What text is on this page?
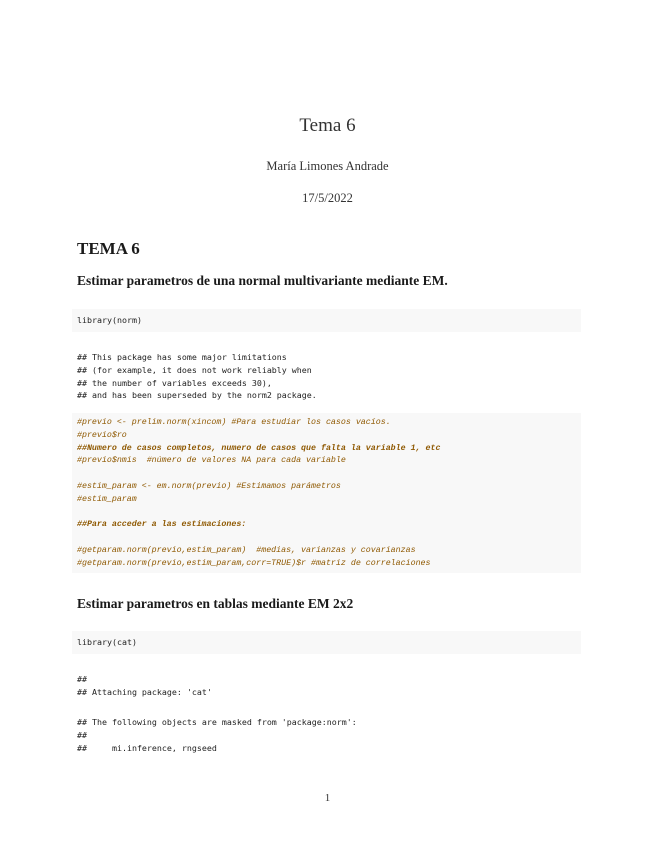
Tema 6
María Limones Andrade
17/5/2022
TEMA 6
Estimar parametros de una normal multivariante mediante EM.
library(norm)
## This package has some major limitations
## (for example, it does not work reliably when
## the number of variables exceeds 30),
## and has been superseded by the norm2 package.
#previo <- prelim.norm(xincom) #Para estudiar los casos vacíos.
#previo$ro
##Numero de casos completos, numero de casos que falta la variable 1, etc
#previo$nmis  #número de valores NA para cada variable
#estim_param <- em.norm(previo) #Estimamos parámetros
#estim_param
##Para acceder a las estimaciones:
#getparam.norm(previo,estim_param)  #medias, varianzas y covarianzas
#getparam.norm(previo,estim_param,corr=TRUE)$r #matriz de correlaciones
Estimar parametros en tablas mediante EM 2x2
library(cat)
##
## Attaching package: 'cat'
## The following objects are masked from 'package:norm':
##
##     mi.inference, rngseed
1
